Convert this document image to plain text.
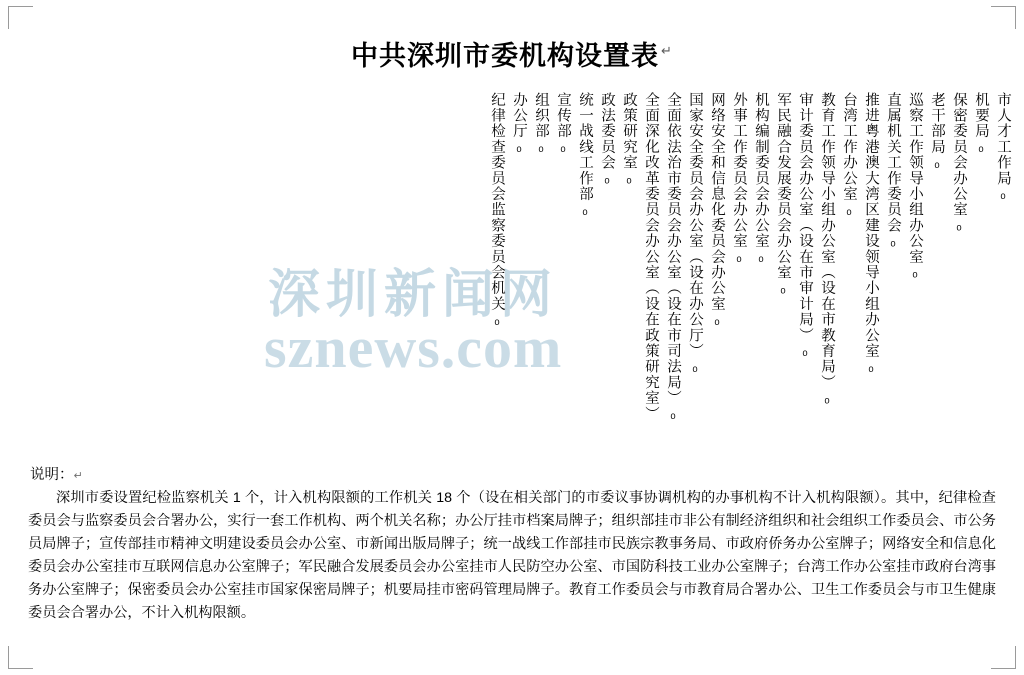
中共深圳市委机构设置表 ↵
市人才工作局₀
机要局₀
保密委员会办公室₀
老干部局₀
巡察工作领导小组办公室₀
直属机关工作委员会₀
推进粤港澳大湾区建设领导小组办公室₀
台湾工作办公室₀
教育工作领导小组办公室（设在市教育局）₀
审计委员会办公室（设在市审计局）₀
军民融合发展委员会办公室₀
机构编制委员会办公室₀
外事工作委员会办公室₀
网络安全和信息化委员会办公室₀
国家安全委员会办公室（设在办公厅）₀
全面依法治市委员会办公室（设在市司法局）₀
全面深化改革委员会办公室（设在政策研究室）
政策研究室₀
政法委员会₀
统一战线工作部₀
宣传部₀
组织部₀
办公厅₀
纪律检查委员会监察委员会机关₀
深圳新闻网
sznews.com
说明：↵
深圳市委设置纪检监察机关 1 个，计入机构限额的工作机关 18 个（设在相关部门的市委议事协调机构的办事机构不计入机构限额）。其中，纪律检查委员会与监察委员会合署办公，实行一套工作机构、两个机关名称；办公厅挂市档案局牌子；组织部挂市非公有制经济组织和社会组织工作委员会、市公务员局牌子；宣传部挂市精神文明建设委员会办公室、市新闻出版局牌子；统一战线工作部挂市民族宗教事务局、市政府侨务办公室牌子；网络安全和信息化委员会办公室挂市互联网信息办公室牌子；军民融合发展委员会办公室挂市人民防空办公室、市国防科技工业办公室牌子；台湾工作办公室挂市政府台湾事务办公室牌子；保密委员会办公室挂市国家保密局牌子；机要局挂市密码管理局牌子。教育工作委员会与市教育局合署办公、卫生工作委员会与市卫生健康委员会合署办公，不计入机构限额。
